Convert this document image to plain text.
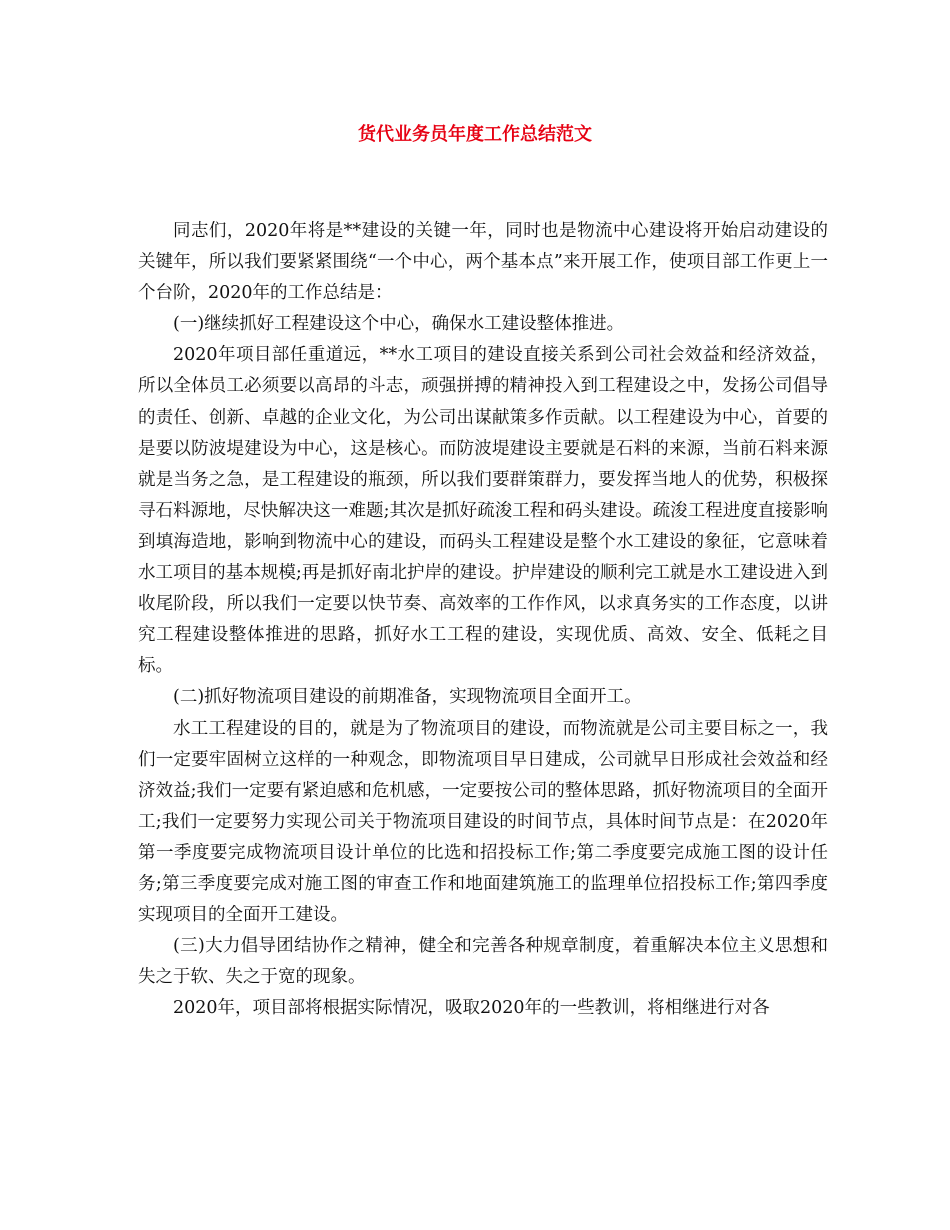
货代业务员年度工作总结范文

同志们，2020年将是**建设的关键一年，同时也是物流中心建设将开始启动建设的关键年，所以我们要紧紧围绕“一个中心，两个基本点”来开展工作，使项目部工作更上一个台阶，2020年的工作总结是：

(一)继续抓好工程建设这个中心，确保水工建设整体推进。

2020年项目部任重道远，**水工项目的建设直接关系到公司社会效益和经济效益，所以全体员工必须要以高昂的斗志，顽强拼搏的精神投入到工程建设之中，发扬公司倡导的责任、创新、卓越的企业文化，为公司出谋献策多作贡献。以工程建设为中心，首要的是要以防波堤建设为中心，这是核心。而防波堤建设主要就是石料的来源，当前石料来源就是当务之急，是工程建设的瓶颈，所以我们要群策群力，要发挥当地人的优势，积极探寻石料源地，尽快解决这一难题;其次是抓好疏浚工程和码头建设。疏浚工程进度直接影响到填海造地，影响到物流中心的建设，而码头工程建设是整个水工建设的象征，它意味着水工项目的基本规模;再是抓好南北护岸的建设。护岸建设的顺利完工就是水工建设进入到收尾阶段，所以我们一定要以快节奏、高效率的工作作风，以求真务实的工作态度，以讲究工程建设整体推进的思路，抓好水工工程的建设，实现优质、高效、安全、低耗之目标。

(二)抓好物流项目建设的前期准备，实现物流项目全面开工。

水工工程建设的目的，就是为了物流项目的建设，而物流就是公司主要目标之一，我们一定要牢固树立这样的一种观念，即物流项目早日建成，公司就早日形成社会效益和经济效益;我们一定要有紧迫感和危机感，一定要按公司的整体思路，抓好物流项目的全面开工;我们一定要努力实现公司关于物流项目建设的时间节点，具体时间节点是：在2020年第一季度要完成物流项目设计单位的比选和招投标工作;第二季度要完成施工图的设计任务;第三季度要完成对施工图的审查工作和地面建筑施工的监理单位招投标工作;第四季度实现项目的全面开工建设。

(三)大力倡导团结协作之精神，健全和完善各种规章制度，着重解决本位主义思想和失之于软、失之于宽的现象。

2020年，项目部将根据实际情况，吸取2020年的一些教训，将相继进行对各
